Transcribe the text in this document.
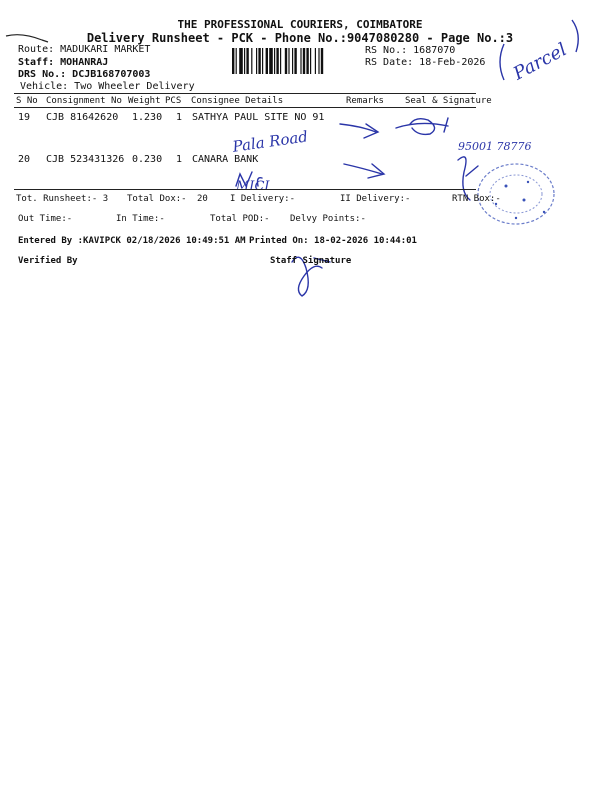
THE PROFESSIONAL COURIERS, COIMBATORE
Delivery Runsheet - PCK - Phone No.:9047080280 - Page No.:3
Route: MADUKARI MARKET
Staff: MOHANRAJ
DRS No.: DCJB168707003
Vehicle: Two Wheeler Delivery
RS No.: 1687070
RS Date: 18-Feb-2026 Parcel
S No Consignment No Weight PCS Consignee Details	Remarks Seal & Signature
19 CJB 81642620 1.230 1 SATHYA PAUL SITE NO 91
20 CJB 523431326 0.230 1 CANARA BANK
Pala Road	95001 78776
MICI
Tot. Runsheet:- 3 Total Dox:- 20 I Delivery:-	II Delivery:-	RTN Box:-
Out Time:-	In Time:-	Total POD:- Delvy Points:-
Entered By :KAVIPCK 02/18/2026 10:49:51 AM Printed On: 18-02-2026 10:44:01
Verified By	Staff Signature
